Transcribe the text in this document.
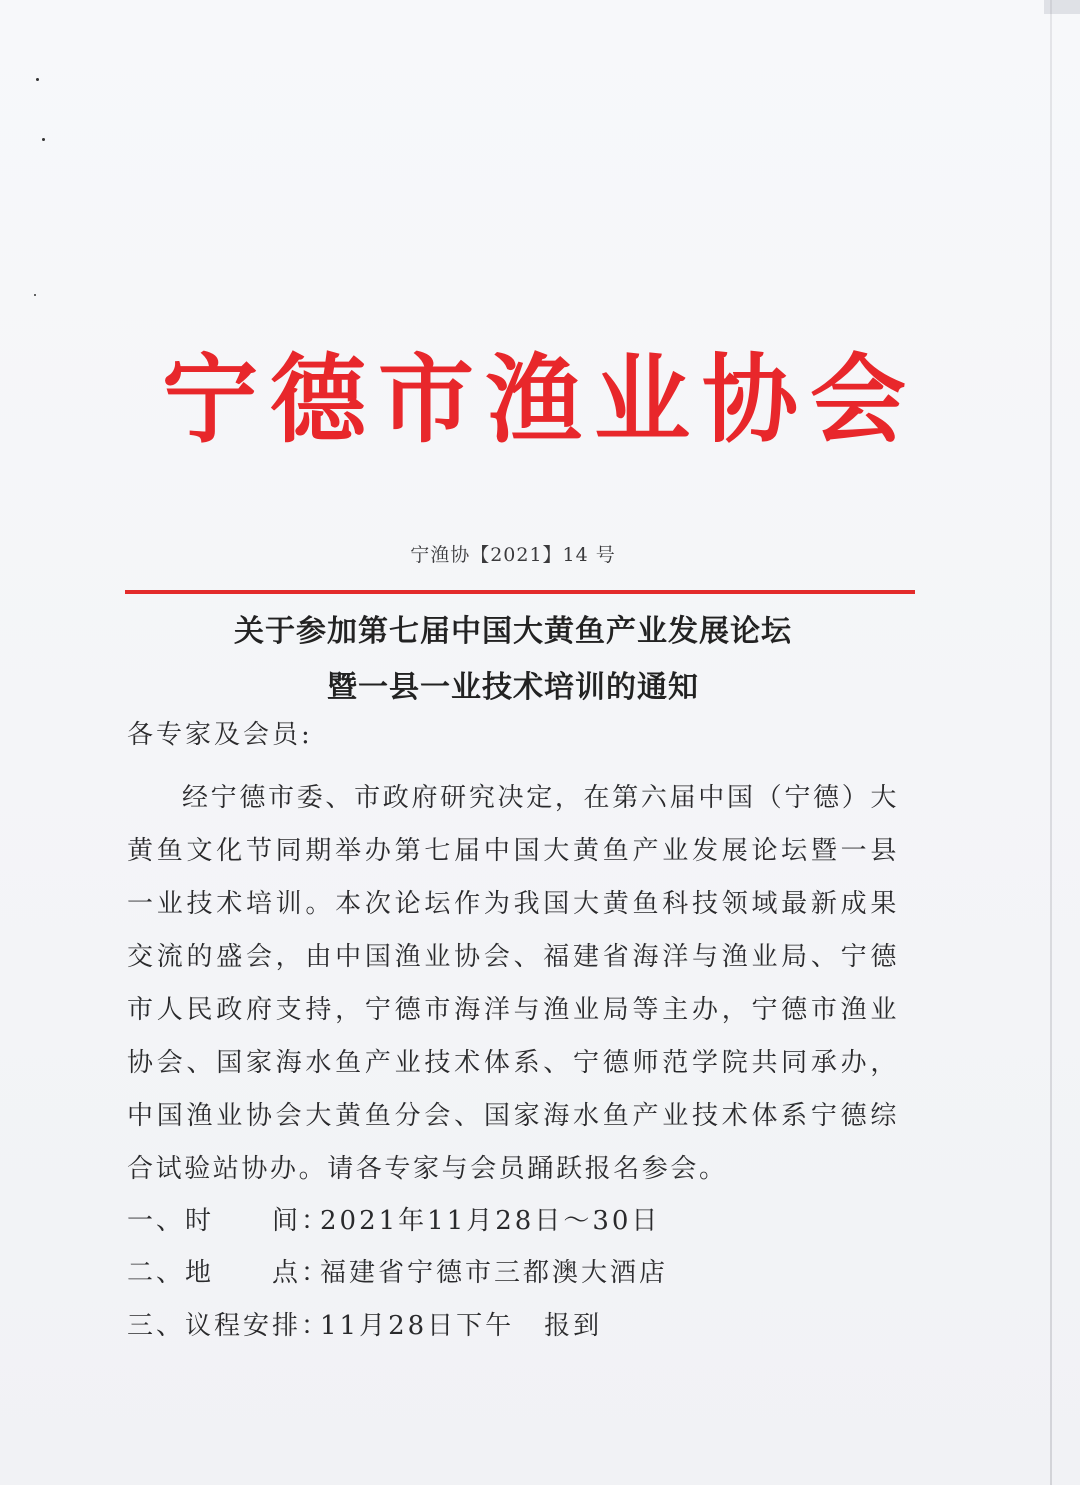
宁德市渔业协会
宁渔协【2021】14 号
关于参加第七届中国大黄鱼产业发展论坛
暨一县一业技术培训的通知
各专家及会员:
经宁德市委、市政府研究决定，在第六届中国（宁德）大黄鱼文化节同期举办第七届中国大黄鱼产业发展论坛暨一县一业技术培训。本次论坛作为我国大黄鱼科技领域最新成果交流的盛会，由中国渔业协会、福建省海洋与渔业局、宁德市人民政府支持，宁德市海洋与渔业局等主办，宁德市渔业协会、国家海水鱼产业技术体系、宁德师范学院共同承办，中国渔业协会大黄鱼分会、国家海水鱼产业技术体系宁德综合试验站协办。请各专家与会员踊跃报名参会。
一、时　　间：2021年11月28日～30日
二、地　　点：福建省宁德市三都澳大酒店
三、议程安排：11月28日下午 报到
